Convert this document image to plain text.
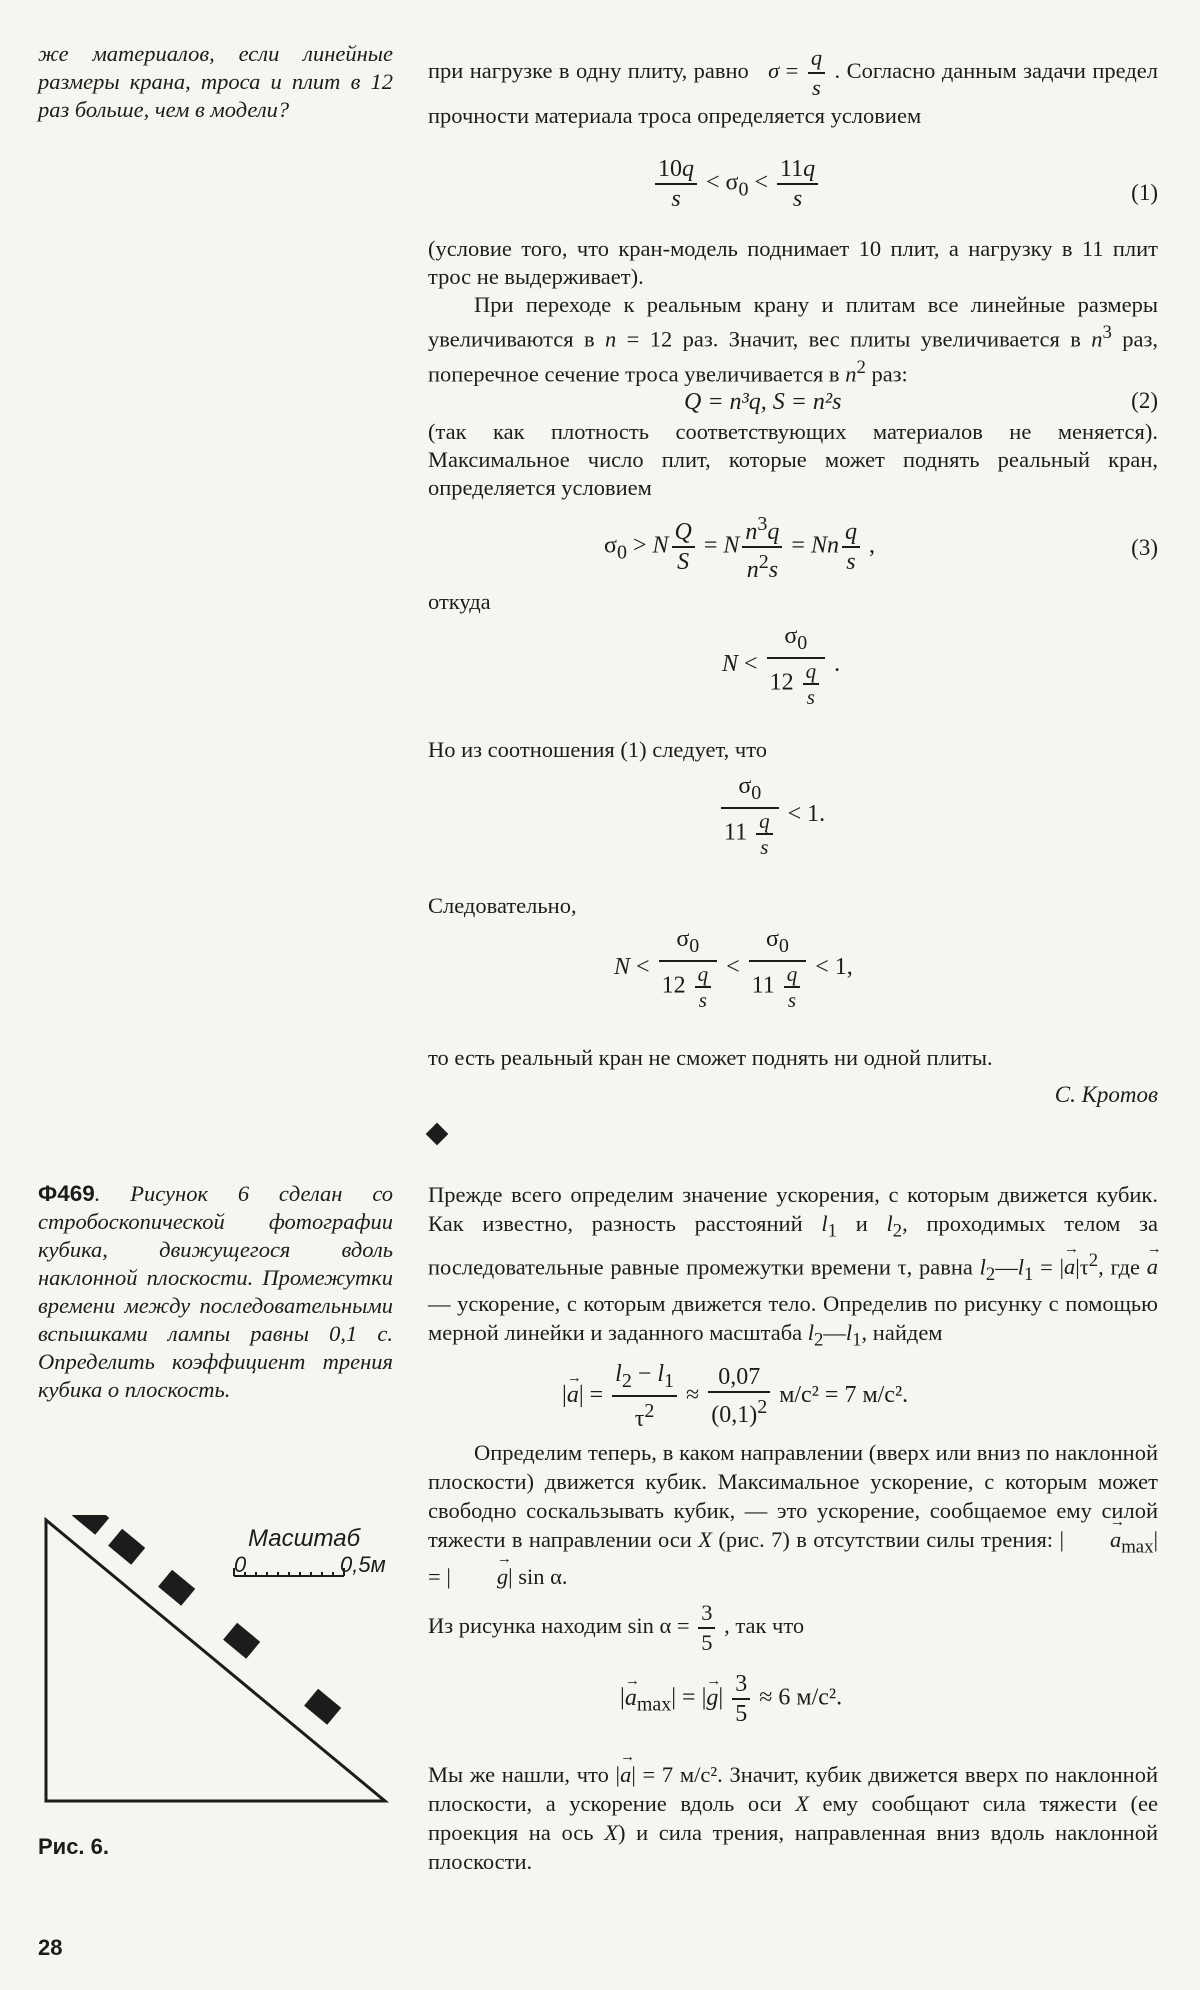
же материалов, если линейные размеры крана, троса и плит в 12 раз больше, чем в модели?
Ф469. Рисунок 6 сделан со стробоскопической фотографии кубика, движущегося вдоль наклонной плоскости. Промежутки времени между последовательными вспышками лампы равны 0,1 с. Определить коэффициент трения кубика о плоскость.
Масштаб
0	0,5м
Рис. 6.
при нагрузке в одну плиту, равно $\sigma = \frac{q}{s}$ . Согласно данным задачи предел прочности материала троса определяется условием
$\frac{10q}{s} < \sigma_0 < \frac{11q}{s}$	(1)
(условие того, что кран-модель поднимает 10 плит, а нагрузку в 11 плит трос не выдерживает).

При переходе к реальным крану и плитам все линейные размеры увеличиваются в n = 12 раз. Значит, вес плиты увеличивается в $n^3$ раз, поперечное сечение троса увеличивается в $n^2$ раз:

Q = n³q, S = n²s	(2)
(так как плотность соответствующих материалов не меняется). Максимальное число плит, которые может поднять реальный кран, определяется условием
$\sigma_0 > N \frac{Q}{S} = N \frac{n^3q}{n^2s} = Nn \frac{q}{s}$ ,	(3)
откуда
$N < \frac{\sigma_0}{12 \frac{q}{s}}$ .
Но из соотношения (1) следует, что
$\frac{\sigma_0}{11 \frac{q}{s}} < 1$.
Следовательно,
$N < \frac{\sigma_0}{12 \frac{q}{s}} < \frac{\sigma_0}{11 \frac{q}{s}} < 1$,
то есть реальный кран не сможет поднять ни одной плиты.
С. Кротов
Прежде всего определим значение ускорения, с которым движется кубик. Как известно, разность расстояний $l_1$ и $l_2$, проходимых телом за последовательные равные промежутки времени τ, равна $l_2—l_1$ = |→ $a|\tau^2$, где → a — ускорение, с которым движется тело. Определив по рисунку с помощью мерной линейки и заданного масштаба $l_2—l_1$, найдем
|→ $a| = \frac{l_2 - l_1}{\tau^2} \approx \frac{0,07}{(0,1)^2} м/с^2 = 7$ м/с².

Определим теперь, в каком направлении (вверх или вниз по наклонной плоскости) движется кубик. Максимальное ускорение, с которым может свободно соскальзывать кубик, — это ускорение, сообщаемое ему силой тяжести в направлении оси X (рис. 7) в отсутствии силы трения: | → $a_{max}|$ = | → g| sin α.

Из рисунка находим $\sin \alpha = \frac{3}{5}$ , так что

|→ $a_{max}|$ = |→ $g| \frac{3}{5} \approx 6$ м/с².
Мы же нашли, что |→ a| = 7 м/с². Значит, кубик движется вверх по наклонной плоскости, а ускорение вдоль оси X ему сообщают сила тяжести (ее проекция на ось X) и сила трения, направленная вниз вдоль наклонной плоскости.
28
